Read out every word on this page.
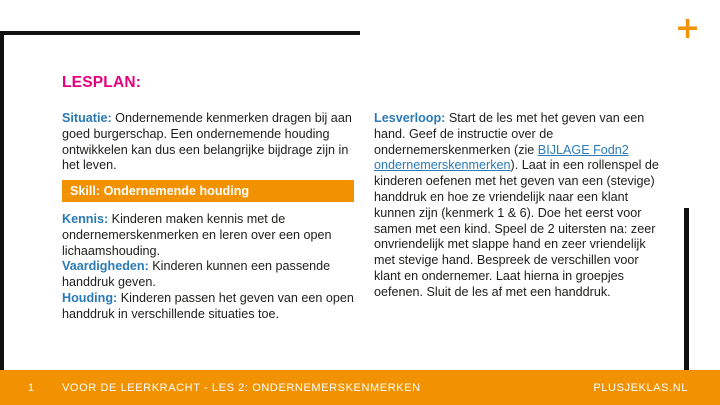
+
LESPLAN:
Situatie: Ondernemende kenmerken dragen bij aan goed burgerschap. Een ondernemende houding ontwikkelen kan dus een belangrijke bijdrage zijn in het leven.
Skill: Ondernemende houding
Kennis: Kinderen maken kennis met de ondernemerskenmerken en leren over een open lichaamshouding.
Vaardigheden: Kinderen kunnen een passende handdruk geven.
Houding: Kinderen passen het geven van een open handdruk in verschillende situaties toe.
Lesverloop: Start de les met het geven van een hand. Geef de instructie over de ondernemerskenmerken (zie BIJLAGE Fodn2 ondernemerskenmerken). Laat in een rollenspel de kinderen oefenen met het geven van een (stevige) handdruk en hoe ze vriendelijk naar een klant kunnen zijn (kenmerk 1 & 6). Doe het eerst voor samen met een kind. Speel de 2 uitersten na: zeer onvriendelijk met slappe hand en zeer vriendelijk met stevige hand. Bespreek de verschillen voor klant en ondernemer. Laat hierna in groepjes oefenen. Sluit de les af met een handdruk.
1	VOOR DE LEERKRACHT - LES 2: ONDERNEMERSKENMERKEN	PLUSJEKLAS.NL
